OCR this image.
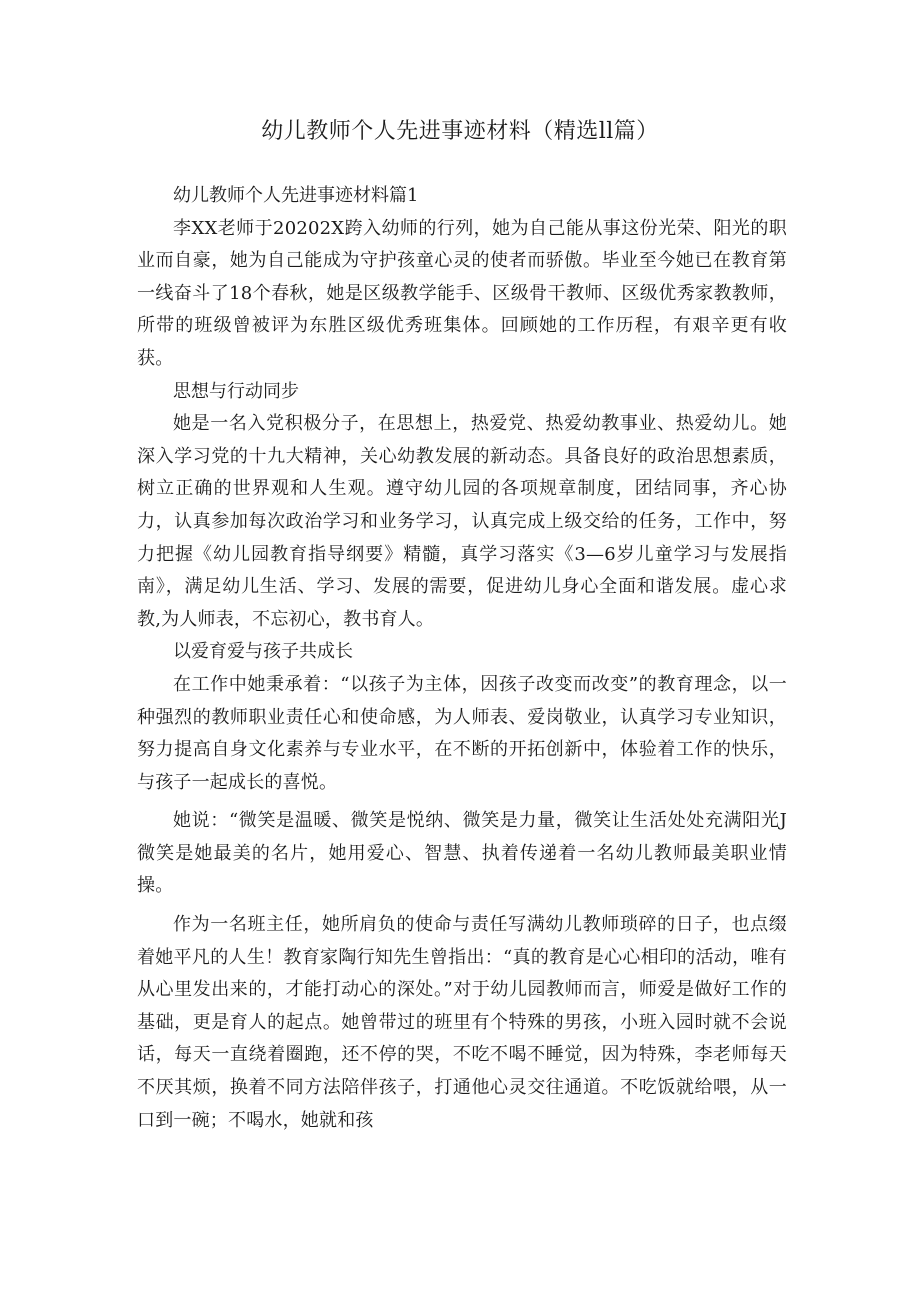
幼儿教师个人先进事迹材料（精选ll篇）

幼儿教师个人先进事迹材料篇1

李XX老师于20202X跨入幼师的行列，她为自己能从事这份光荣、阳光的职业而自豪，她为自己能成为守护孩童心灵的使者而骄傲。毕业至今她已在教育第一线奋斗了18个春秋，她是区级教学能手、区级骨干教师、区级优秀家教教师，所带的班级曾被评为东胜区级优秀班集体。回顾她的工作历程，有艰辛更有收获。

思想与行动同步

她是一名入党积极分子，在思想上，热爱党、热爱幼教事业、热爱幼儿。她深入学习党的十九大精神，关心幼教发展的新动态。具备良好的政治思想素质，树立正确的世界观和人生观。遵守幼儿园的各项规章制度，团结同事，齐心协力，认真参加每次政治学习和业务学习，认真完成上级交给的任务，工作中，努力把握《幼儿园教育指导纲要》精髓，真学习落实《3—6岁儿童学习与发展指南》，满足幼儿生活、学习、发展的需要，促进幼儿身心全面和谐发展。虚心求教,为人师表，不忘初心，教书育人。

以爱育爱与孩子共成长

在工作中她秉承着：“以孩子为主体，因孩子改变而改变”的教育理念，以一种强烈的教师职业责任心和使命感，为人师表、爱岗敬业，认真学习专业知识，努力提高自身文化素养与专业水平，在不断的开拓创新中，体验着工作的快乐，与孩子一起成长的喜悦。

她说：“微笑是温暖、微笑是悦纳、微笑是力量，微笑让生活处处充满阳光J微笑是她最美的名片，她用爱心、智慧、执着传递着一名幼儿教师最美职业情操。

作为一名班主任，她所肩负的使命与责任写满幼儿教师琐碎的日子，也点缀着她平凡的人生！教育家陶行知先生曾指出：“真的教育是心心相印的活动，唯有从心里发出来的，才能打动心的深处。”对于幼儿园教师而言，师爱是做好工作的基础，更是育人的起点。她曾带过的班里有个特殊的男孩，小班入园时就不会说话，每天一直绕着圈跑，还不停的哭，不吃不喝不睡觉，因为特殊，李老师每天不厌其烦，换着不同方法陪伴孩子，打通他心灵交往通道。不吃饭就给喂，从一口到一碗；不喝水，她就和孩
